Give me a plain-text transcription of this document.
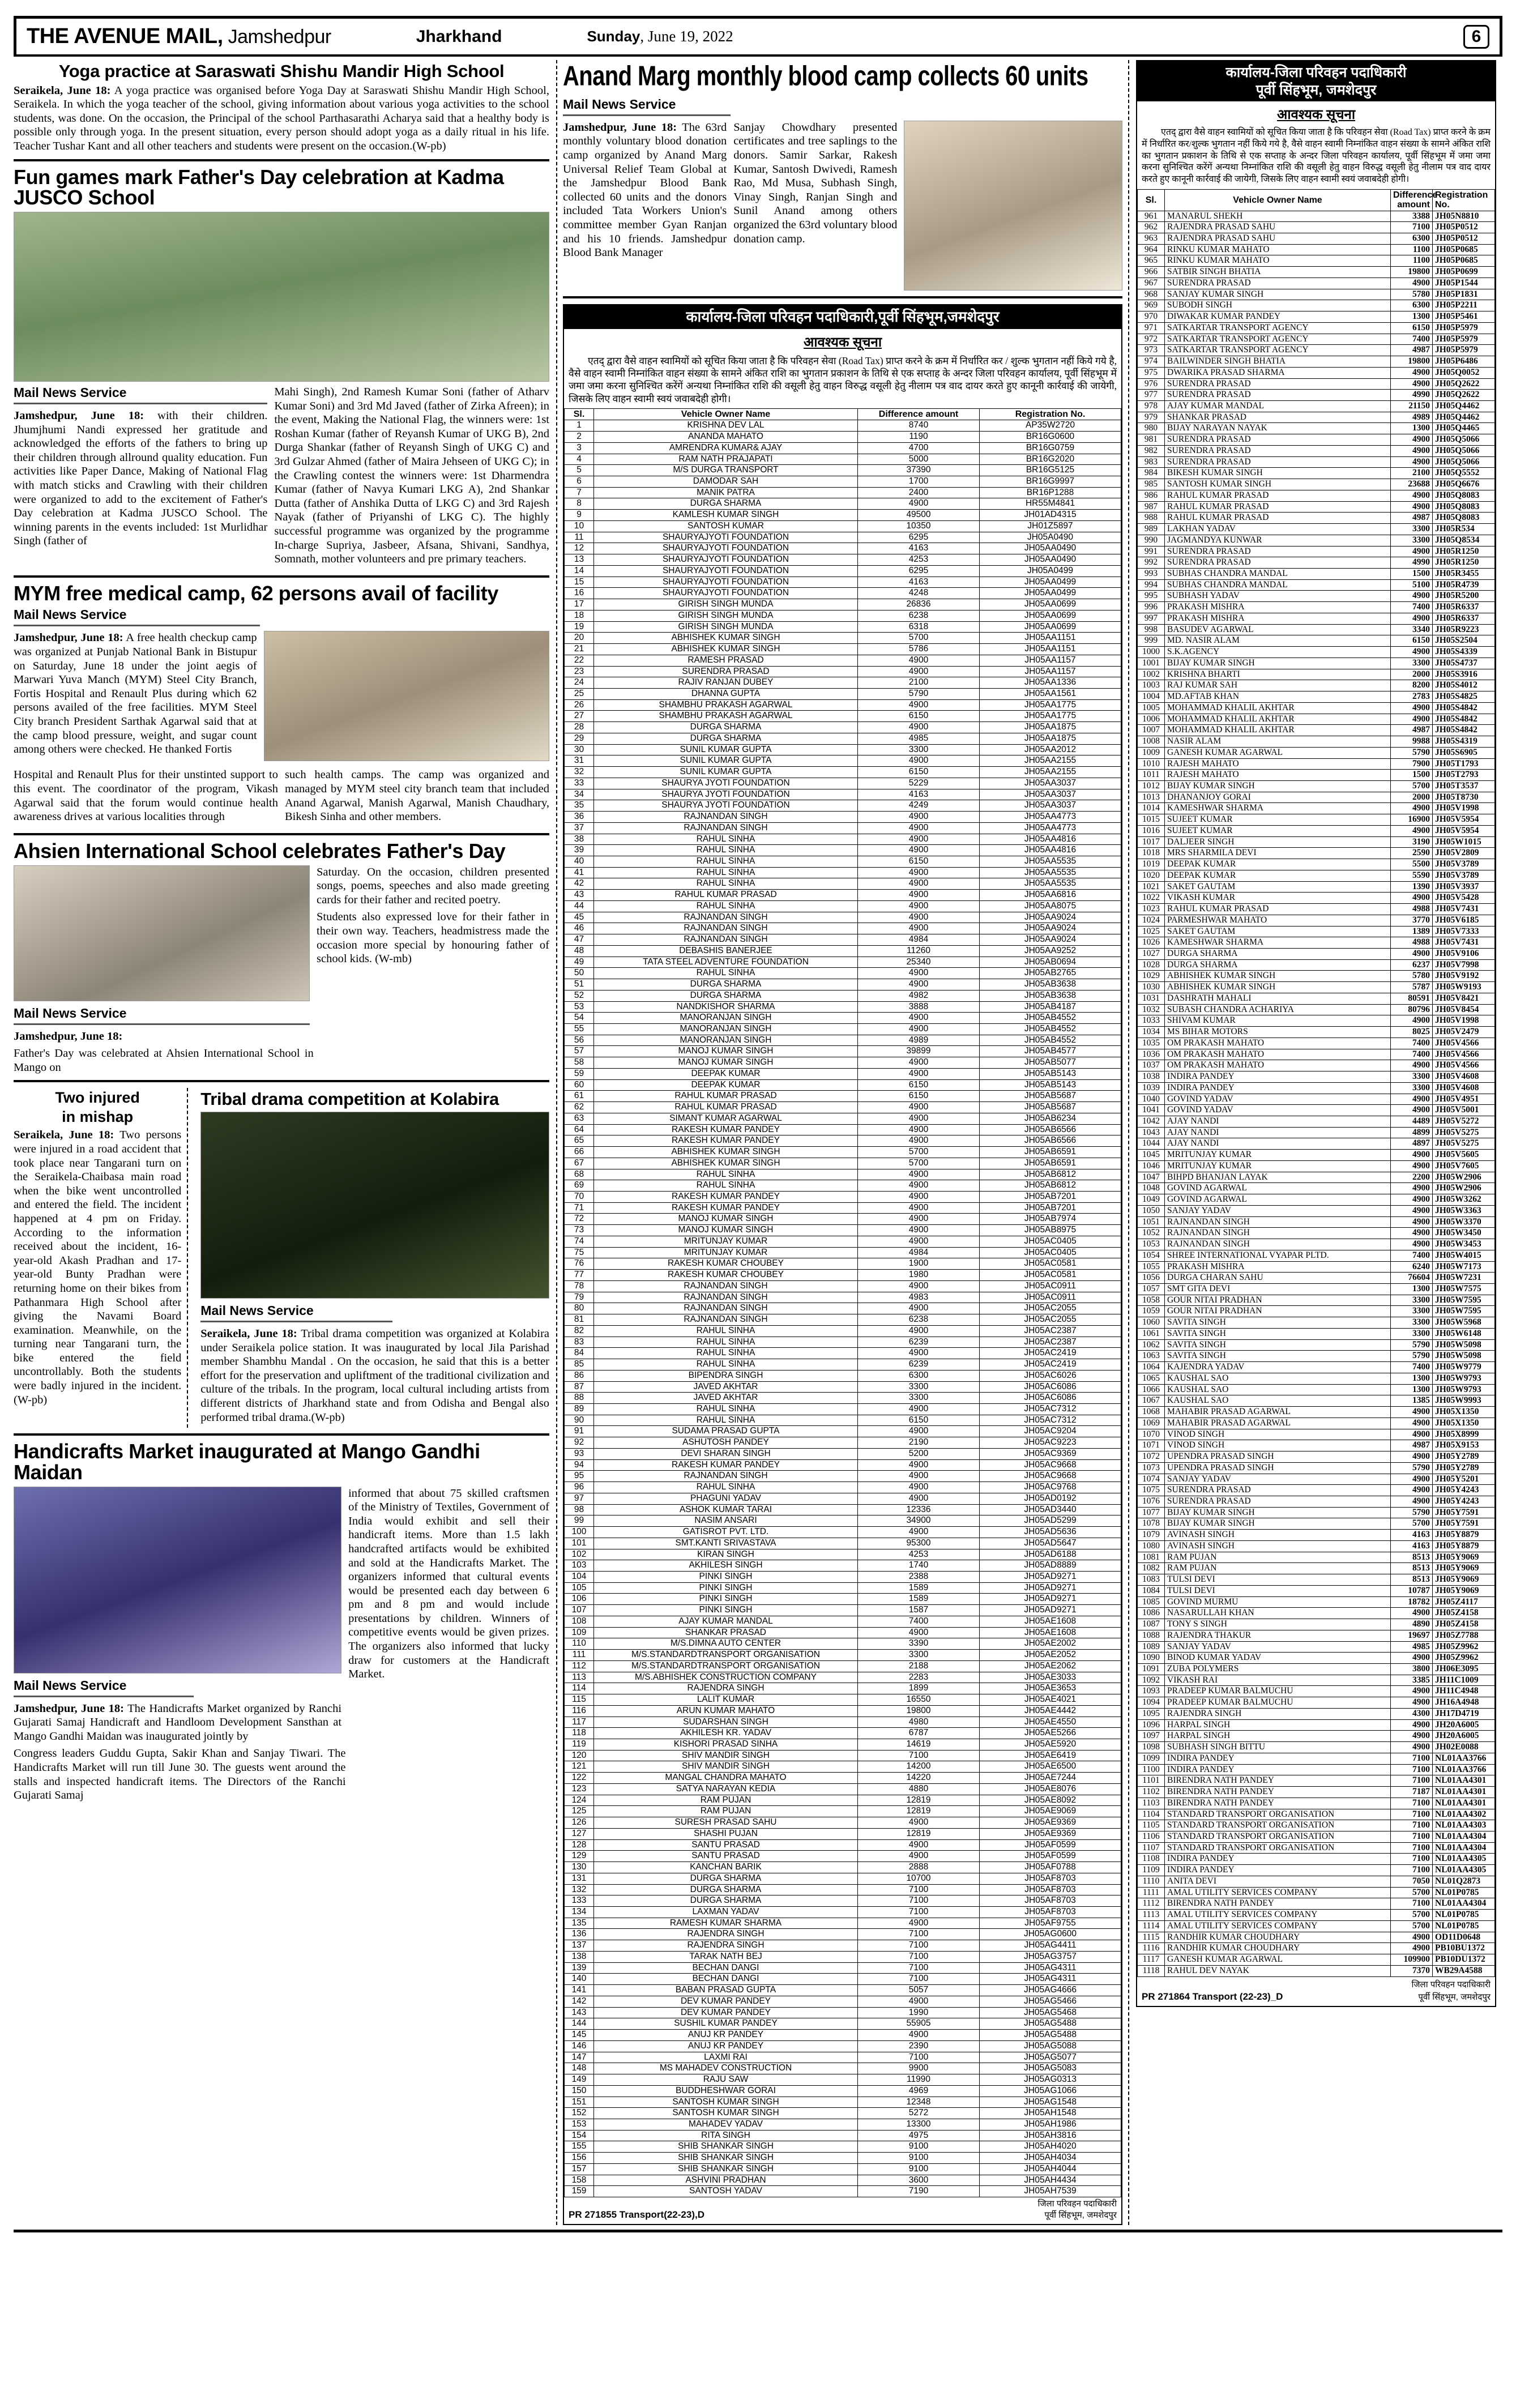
THE AVENUE MAIL, Jamshedpur	Jharkhand	Sunday, June 19, 2022	6
Yoga practice at Saraswati Shishu Mandir High School

Seraikela, June 18: A yoga practice was organised before Yoga Day at Saraswati Shishu Mandir High School, Seraikela. In which the yoga teacher of the school, giving information about various yoga activities to the school students, was done. On the occasion, the Principal of the school Parthasarathi Acharya said that a healthy body is possible only through yoga. In the present situation, every person should adopt yoga as a daily ritual in his life. Teacher Tushar Kant and all other teachers and students were present on the occasion.(W-pb)

Fun games mark Father's Day celebration at Kadma JUSCO School
Mail News Service

Jamshedpur, June 18: with their children. Jhumjhumi Nandi expressed her gratitude and acknowledged the efforts of the fathers to bring up their children through allround quality education. Fun activities like Paper Dance, Making of National Flag with match sticks and Crawling with their children were organized to add to the excitement of Father's Day celebration at Kadma JUSCO School. The winning parents in the events included: 1st Murlidhar Singh (father of

Mahi Singh), 2nd Ramesh Kumar Soni (father of Atharv Kumar Soni) and 3rd Md Javed (father of Zirka Afreen); in the event, Making the National Flag, the winners were: 1st Roshan Kumar (father of Reyansh Kumar of UKG B), 2nd Durga Shankar (father of Reyansh Singh of UKG C) and 3rd Gulzar Ahmed (father of Maira Jehseen of UKG C); in the Crawling contest the winners were: 1st Dharmendra Kumar (father of Navya Kumari LKG A), 2nd Shankar Dutta (father of Anshika Dutta of LKG C) and 3rd Rajesh Nayak (father of Priyanshi of LKG C). The highly successful programme was organized by the programme In-charge Supriya, Jasbeer, Afsana, Shivani, Sandhya, Somnath, mother volunteers and pre primary teachers.

MYM free medical camp, 62 persons avail of facility
Mail News Service

Jamshedpur, June 18: A free health checkup camp was organized at Punjab National Bank in Bistupur on Saturday, June 18 under the joint aegis of Marwari Yuva Manch (MYM) Steel City Branch, Fortis Hospital and Renault Plus during which 62 persons availed of the free facilities. MYM Steel City branch President Sarthak Agarwal said that at the camp blood pressure, weight, and sugar count among others were checked. He thanked Fortis

Hospital and Renault Plus for their unstinted support to this event. The coordinator of the program, Vikash Agarwal said that the forum would continue health awareness drives at various localities through

such health camps. The camp was organized and managed by MYM steel city branch team that included Anand Agarwal, Manish Agarwal, Manish Chaudhary, Bikesh Sinha and other members.

Ahsien International School celebrates Father's Day
Mail News Service

Jamshedpur, June 18:

Saturday. On the occasion, children presented songs, poems, speeches and also made greeting cards for their father and recited poetry.

Students also expressed love for their father in their own way. Teachers, headmistress made the occasion more special by honouring father of school kids. (W-mb)

Father's Day was celebrated at Ahsien International School in Mango on

Two injured
in mishap

Seraikela, June 18: Two persons were injured in a road accident that took place near Tangarani turn on the Seraikela-Chaibasa main road when the bike went uncontrolled and entered the field. The incident happened at 4 pm on Friday. According to the information received about the incident, 16-year-old Akash Pradhan and 17-year-old Bunty Pradhan were returning home on their bikes from Pathanmara High School after giving the Navami Board examination. Meanwhile, on the turning near Tangarani turn, the bike entered the field uncontrollably. Both the students were badly injured in the incident.(W-pb)

Tribal drama competition at Kolabira
Mail News Service

Seraikela, June 18: Tribal drama competition was organized at Kolabira under Seraikela police station. It was inaugurated by local Jila Parishad member Shambhu Mandal . On the occasion, he said that this is a better effort for the preservation and upliftment of the traditional civilization and culture of the tribals. In the program, local cultural including artists from different districts of Jharkhand state and from Odisha and Bengal also performed tribal drama.(W-pb)

Handicrafts Market inaugurated at Mango Gandhi Maidan
Mail News Service

Jamshedpur, June 18: The Handicrafts Market organized by Ranchi Gujarati Samaj Handicraft and Handloom Development Sansthan at Mango Gandhi Maidan was inaugurated jointly by

informed that about 75 skilled craftsmen of the Ministry of Textiles, Government of India would exhibit and sell their handicraft items. More than 1.5 lakh handcrafted artifacts would be exhibited and sold at the Handicrafts Market. The organizers informed that cultural events would be presented each day between 6 pm and 8 pm and would include presentations by children. Winners of competitive events would be given prizes. The organizers also informed that lucky draw for customers at the Handicraft Market.

Congress leaders Guddu Gupta, Sakir Khan and Sanjay Tiwari. The Handicrafts Market will run till June 30. The guests went around the stalls and inspected handicraft items. The Directors of the Ranchi Gujarati Samaj

Anand Marg monthly blood camp collects 60 units
Mail News Service

Jamshedpur, June 18: The 63rd monthly voluntary blood donation camp organized by Anand Marg Universal Relief Team Global at the Jamshedpur Blood Bank collected 60 units and the donors included Tata Workers Union's committee member Gyan Ranjan and his 10 friends. Jamshedpur Blood Bank Manager

Sanjay Chowdhary presented certificates and tree saplings to the donors. Samir Sarkar, Rakesh Kumar, Santosh Dwivedi, Ramesh Rao, Md Musa, Subhash Singh, Vinay Singh, Ranjan Singh and Sunil Anand among others organized the 63rd voluntary blood donation camp.

कार्यालय-जिला परिवहन पदाधिकारी,पूर्वी सिंहभूम,जमशेदपुर
आवश्यक सूचना
एतद् द्वारा वैसे वाहन स्वामियों को सूचित किया जाता है कि परिवहन सेवा (Road Tax) प्राप्त करने के क्रम में निर्धारित कर / शुल्क भुगतान नहीं किये गये है, वैसे वाहन स्वामी निम्नांकित वाहन संख्या के सामने अंकित राशि का भुगतान प्रकाशन के तिथि से एक सप्ताह के अन्दर जिला परिवहन कार्यालय, पूर्वी सिंहभूम में जमा जमा करना सुनिश्चित करेंगें अन्यथा निम्नांकित राशि की वसूली हेतु वाहन विरुद्ध वसूली हेतु नीलाम पत्र वाद दायर करते हुए कानूनी कार्रवाई की जायेगी, जिसके लिए वाहन स्वामी स्वयं जवाबदेही होगी।
Sl.	Vehicle Owner Name	Difference amount	Registration No.
1	KRISHNA DEV LAL	8740	AP35W2720
2	ANANDA MAHATO	1190	BR16G0600
3	AMRENDRA KUMAR& AJAY	4700	BR16G0759
4	RAM NATH PRAJAPATI	5000	BR16G2020
5	M/S DURGA TRANSPORT	37390	BR16G5125
6	DAMODAR SAH	1700	BR16G9997
7	MANIK PATRA	2400	BR16P1288
8	DURGA SHARMA	4900	HR55M4841
9	KAMLESH KUMAR SINGH	49500	JH01AD4315
10	SANTOSH KUMAR	10350	JH01Z5897
11	SHAURYAJYOTI FOUNDATION	6295	JH05A0490
12	SHAURYAJYOTI FOUNDATION	4163	JH05AA0490
13	SHAURYAJYOTI FOUNDATION	4253	JH05AA0490
14	SHAURYAJYOTI FOUNDATION	6295	JH05A0499
15	SHAURYAJYOTI FOUNDATION	4163	JH05AA0499
16	SHAURYAJYOTI FOUNDATION	4248	JH05AA0499
17	GIRISH SINGH MUNDA	26836	JH05AA0699
18	GIRISH SINGH MUNDA	6238	JH05AA0699
19	GIRISH SINGH MUNDA	6318	JH05AA0699
20	ABHISHEK KUMAR SINGH	5700	JH05AA1151
21	ABHISHEK KUMAR SINGH	5786	JH05AA1151
22	RAMESH PRASAD	4900	JH05AA1157
23	SURENDRA PRASAD	4900	JH05AA1157
24	RAJIV RANJAN DUBEY	2100	JH05AA1336
25	DHANNA GUPTA	5790	JH05AA1561
26	SHAMBHU PRAKASH AGARWAL	4900	JH05AA1775
27	SHAMBHU PRAKASH AGARWAL	6150	JH05AA1775
28	DURGA SHARMA	4900	JH05AA1875
29	DURGA SHARMA	4985	JH05AA1875
30	SUNIL KUMAR GUPTA	3300	JH05AA2012
31	SUNIL KUMAR GUPTA	4900	JH05AA2155
32	SUNIL KUMAR GUPTA	6150	JH05AA2155
33	SHAURYA JYOTI FOUNDATION	5229	JH05AA3037
34	SHAURYA JYOTI FOUNDATION	4163	JH05AA3037
35	SHAURYA JYOTI FOUNDATION	4249	JH05AA3037
36	RAJNANDAN SINGH	4900	JH05AA4773
37	RAJNANDAN SINGH	4900	JH05AA4773
38	RAHUL SINHA	4900	JH05AA4816
39	RAHUL SINHA	4900	JH05AA4816
40	RAHUL SINHA	6150	JH05AA5535
41	RAHUL SINHA	4900	JH05AA5535
42	RAHUL SINHA	4900	JH05AA5535
43	RAHUL KUMAR PRASAD	4900	JH05AA6816
44	RAHUL SINHA	4900	JH05AA8075
45	RAJNANDAN SINGH	4900	JH05AA9024
46	RAJNANDAN SINGH	4900	JH05AA9024
47	RAJNANDAN SINGH	4984	JH05AA9024
48	DEBASHIS BANERJEE	11260	JH05AA9252
49	TATA STEEL ADVENTURE FOUNDATION	25340	JH05AB0694
50	RAHUL SINHA	4900	JH05AB2765
51	DURGA SHARMA	4900	JH05AB3638
52	DURGA SHARMA	4982	JH05AB3638
53	NANDKISHOR SHARMA	3888	JH05AB4187
54	MANORANJAN SINGH	4900	JH05AB4552
55	MANORANJAN SINGH	4900	JH05AB4552
56	MANORANJAN SINGH	4989	JH05AB4552
57	MANOJ KUMAR SINGH	39899	JH05AB4577
58	MANOJ KUMAR SINGH	4900	JH05AB5077
59	DEEPAK KUMAR	4900	JH05AB5143
60	DEEPAK KUMAR	6150	JH05AB5143
61	RAHUL KUMAR PRASAD	6150	JH05AB5687
62	RAHUL KUMAR PRASAD	4900	JH05AB5687
63	SIMANT KUMAR AGARWAL	4900	JH05AB6234
64	RAKESH KUMAR PANDEY	4900	JH05AB6566
65	RAKESH KUMAR PANDEY	4900	JH05AB6566
66	ABHISHEK KUMAR SINGH	5700	JH05AB6591
67	ABHISHEK KUMAR SINGH	5700	JH05AB6591
68	RAHUL SINHA	4900	JH05AB6812
69	RAHUL SINHA	4900	JH05AB6812
70	RAKESH KUMAR PANDEY	4900	JH05AB7201
71	RAKESH KUMAR PANDEY	4900	JH05AB7201
72	MANOJ KUMAR SINGH	4900	JH05AB7974
73	MANOJ KUMAR SINGH	4900	JH05AB8975
74	MRITUNJAY KUMAR	4900	JH05AC0405
75	MRITUNJAY KUMAR	4984	JH05AC0405
76	RAKESH KUMAR CHOUBEY	1900	JH05AC0581
77	RAKESH KUMAR CHOUBEY	1980	JH05AC0581
78	RAJNANDAN SINGH	4900	JH05AC0911
79	RAJNANDAN SINGH	4983	JH05AC0911
80	RAJNANDAN SINGH	4900	JH05AC2055
81	RAJNANDAN SINGH	6238	JH05AC2055
82	RAHUL SINHA	4900	JH05AC2387
83	RAHUL SINHA	6239	JH05AC2387
84	RAHUL SINHA	4900	JH05AC2419
85	RAHUL SINHA	6239	JH05AC2419
86	BIPENDRA SINGH	6300	JH05AC6026
87	JAVED AKHTAR	3300	JH05AC6086
88	JAVED AKHTAR	3300	JH05AC6086
89	RAHUL SINHA	4900	JH05AC7312
90	RAHUL SINHA	6150	JH05AC7312
91	SUDAMA PRASAD GUPTA	4900	JH05AC9204
92	ASHUTOSH PANDEY	2190	JH05AC9223
93	DEVI SHARAN SINGH	5200	JH05AC9369
94	RAKESH KUMAR PANDEY	4900	JH05AC9668
95	RAJNANDAN SINGH	4900	JH05AC9668
96	RAHUL SINHA	4900	JH05AC9768
97	PHAGUNI YADAV	4900	JH05AD0192
98	ASHOK KUMAR TARAI	12336	JH05AD3440
99	NASIM ANSARI	34900	JH05AD5299
100	GATISROT PVT. LTD.	4900	JH05AD5636
101	SMT.KANTI SRIVASTAVA	95300	JH05AD5647
102	KIRAN SINGH	4253	JH05AD6188
103	AKHILESH SINGH	1740	JH05AD8889
104	PINKI SINGH	2388	JH05AD9271
105	PINKI SINGH	1589	JH05AD9271
106	PINKI SINGH	1589	JH05AD9271
107	PINKI SINGH	1587	JH05AD9271
108	AJAY KUMAR MANDAL	7400	JH05AE1608
109	SHANKAR PRASAD	4900	JH05AE1608
110	M/S.DIMNA AUTO CENTER	3390	JH05AE2002
111	M/S.STANDARDTRANSPORT ORGANISATION	3300	JH05AE2052
112	M/S.STANDARDTRANSPORT ORGANISATION	2188	JH05AE2062
113	M/S.ABHISHEK CONSTRUCTION COMPANY	2283	JH05AE3033
114	RAJENDRA SINGH	1899	JH05AE3653
115	LALIT KUMAR	16550	JH05AE4021
116	ARUN KUMAR MAHATO	19800	JH05AE4442
117	SUDARSHAN SINGH	4980	JH05AE4550
118	AKHILESH KR. YADAV	6787	JH05AE5266
119	KISHORI PRASAD SINHA	14619	JH05AE5920
120	SHIV MANDIR SINGH	7100	JH05AE6419
121	SHIV MANDIR SINGH	14200	JH05AE6500
122	MANGAL CHANDRA MAHATO	14220	JH05AE7244
123	SATYA NARAYAN KEDIA	4880	JH05AE8076
124	RAM PUJAN	12819	JH05AE8092
125	RAM PUJAN	12819	JH05AE9069
126	SURESH PRASAD SAHU	4900	JH05AE9369
127	SHASHI PUJAN	12819	JH05AE9369
128	SANTU PRASAD	4900	JH05AF0599
129	SANTU PRASAD	4900	JH05AF0599
130	KANCHAN BARIK	2888	JH05AF0788
131	DURGA SHARMA	10700	JH05AF8703
132	DURGA SHARMA	7100	JH05AF8703
133	DURGA SHARMA	7100	JH05AF8703
134	LAXMAN YADAV	7100	JH05AF8703
135	RAMESH KUMAR SHARMA	4900	JH05AF9755
136	RAJENDRA SINGH	7100	JH05AG0600
137	RAJENDRA SINGH	7100	JH05AG4411
138	TARAK NATH BEJ	7100	JH05AG3757
139	BECHAN DANGI	7100	JH05AG4311
140	BECHAN DANGI	7100	JH05AG4311
141	BABAN PRASAD GUPTA	5057	JH05AG4666
142	DEV KUMAR PANDEY	4900	JH05AG5466
143	DEV KUMAR PANDEY	1990	JH05AG5468
144	SUSHIL KUMAR PANDEY	55905	JH05AG5488
145	ANUJ KR PANDEY	4900	JH05AG5488
146	ANUJ KR PANDEY	2390	JH05AG5088
147	LAXMI RAI	7100	JH05AG5077
148	MS MAHADEV CONSTRUCTION	9900	JH05AG5083
149	RAJU SAW	11990	JH05AG0313
150	BUDDHESHWAR GORAI	4969	JH05AG1066
151	SANTOSH KUMAR SINGH	12348	JH05AG1548
152	SANTOSH KUMAR SINGH	5272	JH05AH1548
153	MAHADEV YADAV	13300	JH05AH1986
154	RITA SINGH	4975	JH05AH3816
155	SHIB SHANKAR SINGH	9100	JH05AH4020
156	SHIB SHANKAR SINGH	9100	JH05AH4034
157	SHIB SHANKAR SINGH	9100	JH05AH4044
158	ASHVINI PRADHAN	3600	JH05AH4434
159	SANTOSH YADAV	7190	JH05AH7539
PR 271855 Transport(22-23),D
जिला परिवहन पदाधिकारी
पूर्वी सिंहभूम, जमशेदपुर
कार्यालय-जिला परिवहन पदाधिकारी
पूर्वी सिंहभूम, जमशेदपुर
आवश्यक सूचना
एतद् द्वारा वैसे वाहन स्वामियों को सूचित किया जाता है कि परिवहन सेवा (Road Tax) प्राप्त करने के क्रम में निर्धारित कर/शुल्क भुगतान नहीं किये गये है, वैसे वाहन स्वामी निम्नांकित वाहन संख्या के सामने अंकित राशि का भुगतान प्रकाशन के तिथि से एक सप्ताह के अन्दर जिला परिवहन कार्यालय, पूर्वी सिंहभूम में जमा जमा करना सुनिश्चित करेंगें अन्यथा निम्नांकित राशि की वसूली हेतु वाहन विरुद्ध वसूली हेतु नीलाम पत्र वाद दायर करते हुए कानूनी कार्रवाई की जायेगी, जिसके लिए वाहन स्वामी स्वयं जवाबदेही होगी।
Sl.	Vehicle Owner Name	Difference amount	Registration No.
961	MANARUL SHEKH	3388	JH05N8810
962	RAJENDRA PRASAD SAHU	7100	JH05P0512
963	RAJENDRA PRASAD SAHU	6300	JH05P0512
964	RINKU KUMAR MAHATO	1100	JH05P0685
965	RINKU KUMAR MAHATO	1100	JH05P0685
966	SATBIR SINGH BHATIA	19800	JH05P0699
967	SURENDRA PRASAD	4900	JH05P1544
968	SANJAY KUMAR SINGH	5780	JH05P1831
969	SUBODH SINGH	6300	JH05P2211
970	DIWAKAR KUMAR PANDEY	1300	JH05P5461
971	SATKARTAR TRANSPORT AGENCY	6150	JH05P5979
972	SATKARTAR TRANSPORT AGENCY	7400	JH05P5979
973	SATKARTAR TRANSPORT AGENCY	4987	JH05P5979
974	BAILWINDER SINGH BHATIA	19800	JH05P6486
975	DWARIKA PRASAD SHARMA	4900	JH05Q0052
976	SURENDRA PRASAD	4900	JH05Q2622
977	SURENDRA PRASAD	4990	JH05Q2622
978	AJAY KUMAR MANDAL	21150	JH05Q4462
979	SHANKAR PRASAD	4989	JH05Q4462
980	BIJAY NARAYAN NAYAK	1300	JH05Q4465
981	SURENDRA PRASAD	4900	JH05Q5066
982	SURENDRA PRASAD	4900	JH05Q5066
983	SURENDRA PRASAD	4900	JH05Q5066
984	BIKESH KUMAR SINGH	2100	JH05Q5552
985	SANTOSH KUMAR SINGH	23688	JH05Q6676
986	RAHUL KUMAR PRASAD	4900	JH05Q8083
987	RAHUL KUMAR PRASAD	4900	JH05Q8083
988	RAHUL KUMAR PRASAD	4987	JH05Q8083
989	LAKHAN YADAV	3300	JH05R534
990	JAGMANDYA KUNWAR	3300	JH05Q8534
991	SURENDRA PRASAD	4900	JH05R1250
992	SURENDRA PRASAD	4990	JH05R1250
993	SUBHAS CHANDRA MANDAL	1500	JH05R3455
994	SUBHAS CHANDRA MANDAL	5100	JH05R4739
995	SUBHASH YADAV	4900	JH05R5200
996	PRAKASH MISHRA	7400	JH05R6337
997	PRAKASH MISHRA	4900	JH05R6337
998	BASUDEV AGARWAL	3340	JH05R9223
999	MD. NASIR ALAM	6150	JH05S2504
1000	S.K.AGENCY	4900	JH05S4339
1001	BIJAY KUMAR SINGH	3300	JH05S4737
1002	KRISHNA BHARTI	2000	JH05S3916
1003	RAJ KUMAR SAH	8200	JH05S4012
1004	MD.AFTAB KHAN	2783	JH05S4825
1005	MOHAMMAD KHALIL AKHTAR	4900	JH05S4842
1006	MOHAMMAD KHALIL AKHTAR	4900	JH05S4842
1007	MOHAMMAD KHALIL AKHTAR	4987	JH05S4842
1008	NASIR ALAM	9988	JH05S4319
1009	GANESH KUMAR AGARWAL	5790	JH05S6905
1010	RAJESH MAHATO	7900	JH05T1793
1011	RAJESH MAHATO	1500	JH05T2793
1012	BIJAY KUMAR SINGH	5700	JH05T3537
1013	DHANANJOY GORAI	2000	JH05T8730
1014	KAMESHWAR SHARMA	4900	JH05V1998
1015	SUJEET KUMAR	16900	JH05V5954
1016	SUJEET KUMAR	4900	JH05V5954
1017	DALJEER SINGH	3190	JH05W1015
1018	MRS SHARMILA DEVI	2590	JH05V2809
1019	DEEPAK KUMAR	5500	JH05V3789
1020	DEEPAK KUMAR	5590	JH05V3789
1021	SAKET GAUTAM	1390	JH05V3937
1022	VIKASH KUMAR	4900	JH05V5428
1023	RAHUL KUMAR PRASAD	4988	JH05V7431
1024	PARMESHWAR MAHATO	3770	JH05V6185
1025	SAKET GAUTAM	1389	JH05V7333
1026	KAMESHWAR SHARMA	4988	JH05V7431
1027	DURGA SHARMA	4900	JH05V9106
1028	DURGA SHARMA	6237	JH05V7998
1029	ABHISHEK KUMAR SINGH	5780	JH05V9192
1030	ABHISHEK KUMAR SINGH	5787	JH05W9193
1031	DASHRATH MAHALI	80591	JH05V8421
1032	SUBASH CHANDRA ACHARIYA	80796	JH05V8454
1033	SHIVAM KUMAR	4900	JH05V1998
1034	MS BIHAR MOTORS	8025	JH05V2479
1035	OM PRAKASH MAHATO	7400	JH05V4566
1036	OM PRAKASH MAHATO	7400	JH05V4566
1037	OM PRAKASH MAHATO	4900	JH05V4566
1038	INDIRA PANDEY	3300	JH05V4608
1039	INDIRA PANDEY	3300	JH05V4608
1040	GOVIND YADAV	4900	JH05V4951
1041	GOVIND YADAV	4900	JH05V5001
1042	AJAY NANDI	4489	JH05V5272
1043	AJAY NANDI	4899	JH05V5275
1044	AJAY NANDI	4897	JH05V5275
1045	MRITUNJAY KUMAR	4900	JH05V5605
1046	MRITUNJAY KUMAR	4900	JH05V7605
1047	BIHPD BHANJAN LAYAK	2200	JH05W2906
1048	GOVIND AGARWAL	4900	JH05W2906
1049	GOVIND AGARWAL	4900	JH05W3262
1050	SANJAY YADAV	4900	JH05W3363
1051	RAJNANDAN SINGH	4900	JH05W3370
1052	RAJNANDAN SINGH	4900	JH05W3450
1053	RAJNANDAN SINGH	4900	JH05W3453
1054	SHREE INTERNATIONAL VYAPAR PLTD.	7400	JH05W4015
1055	PRAKASH MISHRA	6240	JH05W7173
1056	DURGA CHARAN SAHU	76604	JH05W7231
1057	SMT GITA DEVI	1300	JH05W7575
1058	GOUR NITAI PRADHAN	3300	JH05W7595
1059	GOUR NITAI PRADHAN	3300	JH05W7595
1060	SAVITA SINGH	3300	JH05W5968
1061	SAVITA SINGH	3300	JH05W6148
1062	SAVITA SINGH	5790	JH05W5098
1063	SAVITA SINGH	5790	JH05W5098
1064	KAJENDRA YADAV	7400	JH05W9779
1065	KAUSHAL SAO	1300	JH05W9793
1066	KAUSHAL SAO	1300	JH05W9793
1067	KAUSHAL SAO	1385	JH05W9993
1068	MAHABIR PRASAD AGARWAL	4900	JH05X1350
1069	MAHABIR PRASAD AGARWAL	4900	JH05X1350
1070	VINOD SINGH	4900	JH05X8999
1071	VINOD SINGH	4987	JH05X9153
1072	UPENDRA PRASAD SINGH	4900	JH05Y2789
1073	UPENDRA PRASAD SINGH	5790	JH05Y2789
1074	SANJAY YADAV	4900	JH05Y5201
1075	SURENDRA PRASAD	4900	JH05Y4243
1076	SURENDRA PRASAD	4900	JH05Y4243
1077	BIJAY KUMAR SINGH	5790	JH05Y7591
1078	BIJAY KUMAR SINGH	5700	JH05Y7591
1079	AVINASH SINGH	4163	JH05Y8879
1080	AVINASH SINGH	4163	JH05Y8879
1081	RAM PUJAN	8513	JH05Y9069
1082	RAM PUJAN	8513	JH05Y9069
1083	TULSI DEVI	8513	JH05Y9069
1084	TULSI DEVI	10787	JH05Y9069
1085	GOVIND MURMU	18782	JH05Z4117
1086	NASARULLAH KHAN	4900	JH05Z4158
1087	TONY S SINGH	4890	JH05Z4158
1088	RAJENDRA THAKUR	19697	JH05Z7788
1089	SANJAY YADAV	4985	JH05Z9962
1090	BINOD KUMAR YADAV	4900	JH05Z9962
1091	ZUBA POLYMERS	3800	JH06E3095
1092	VIKASH RAI	3385	JH11C1009
1093	PRADEEP KUMAR BALMUCHU	4900	JH11C4948
1094	PRADEEP KUMAR BALMUCHU	4900	JH16A4948
1095	RAJENDRA SINGH	4300	JH17D4719
1096	HARPAL SINGH	4900	JH20A6005
1097	HARPAL SINGH	4900	JH20A6005
1098	SUBHASH SINGH BITTU	4900	JH02E0088
1099	INDIRA PANDEY	7100	NL01AA3766
1100	INDIRA PANDEY	7100	NL01AA3766
1101	BIRENDRA NATH PANDEY	7100	NL01AA4301
1102	BIRENDRA NATH PANDEY	7187	NL01AA4301
1103	BIRENDRA NATH PANDEY	7100	NL01AA4301
1104	STANDARD TRANSPORT ORGANISATION	7100	NL01AA4302
1105	STANDARD TRANSPORT ORGANISATION	7100	NL01AA4303
1106	STANDARD TRANSPORT ORGANISATION	7100	NL01AA4304
1107	STANDARD TRANSPORT ORGANISATION	7100	NL01AA4304
1108	INDIRA PANDEY	7100	NL01AA4305
1109	INDIRA PANDEY	7100	NL01AA4305
1110	ANITA DEVI	7050	NL01Q2873
1111	AMAL UTILITY SERVICES COMPANY	5700	NL01P0785
1112	BIRENDRA NATH PANDEY	7100	NL01AA4304
1113	AMAL UTILITY SERVICES COMPANY	5700	NL01P0785
1114	AMAL UTILITY SERVICES COMPANY	5700	NL01P0785
1115	RANDHIR KUMAR CHOUDHARY	4900	OD11D0648
1116	RANDHIR KUMAR CHOUDHARY	4900	PB10BU1372
1117	GANESH KUMAR AGARWAL	109900	PB10DU1372
1118	RAHUL DEV NAYAK	7370	WB29A4588
जिला परिवहन पदाधिकारी
PR 271864 Transport (22-23)_D	पूर्वी सिंहभूम, जमशेदपुर
